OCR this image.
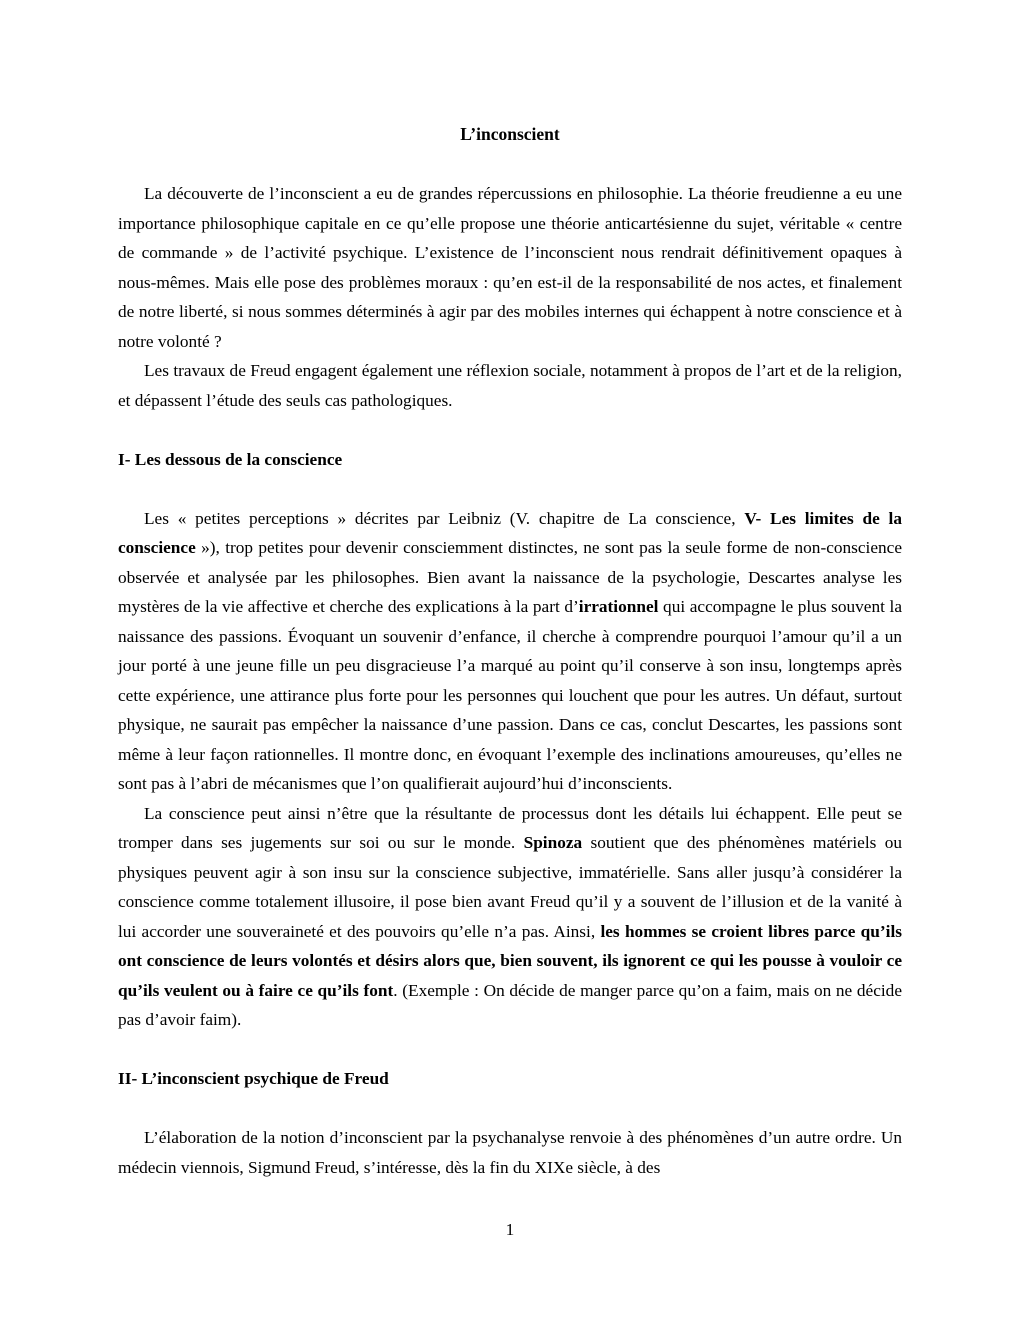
L’inconscient

La découverte de l’inconscient a eu de grandes répercussions en philosophie. La théorie freudienne a eu une importance philosophique capitale en ce qu’elle propose une théorie anticartésienne du sujet, véritable « centre de commande » de l’activité psychique. L’existence de l’inconscient nous rendrait définitivement opaques à nous-mêmes. Mais elle pose des problèmes moraux : qu’en est-il de la responsabilité de nos actes, et finalement de notre liberté, si nous sommes déterminés à agir par des mobiles internes qui échappent à notre conscience et à notre volonté ?

Les travaux de Freud engagent également une réflexion sociale, notamment à propos de l’art et de la religion, et dépassent l’étude des seuls cas pathologiques.

I- Les dessous de la conscience

Les « petites perceptions » décrites par Leibniz (V. chapitre de La conscience, V- Les limites de la conscience »), trop petites pour devenir consciemment distinctes, ne sont pas la seule forme de non-conscience observée et analysée par les philosophes. Bien avant la naissance de la psychologie, Descartes analyse les mystères de la vie affective et cherche des explications à la part d’irrationnel qui accompagne le plus souvent la naissance des passions. Évoquant un souvenir d’enfance, il cherche à comprendre pourquoi l’amour qu’il a un jour porté à une jeune fille un peu disgracieuse l’a marqué au point qu’il conserve à son insu, longtemps après cette expérience, une attirance plus forte pour les personnes qui louchent que pour les autres. Un défaut, surtout physique, ne saurait pas empêcher la naissance d’une passion. Dans ce cas, conclut Descartes, les passions sont même à leur façon rationnelles. Il montre donc, en évoquant l’exemple des inclinations amoureuses, qu’elles ne sont pas à l’abri de mécanismes que l’on qualifierait aujourd’hui d’inconscients.

La conscience peut ainsi n’être que la résultante de processus dont les détails lui échappent. Elle peut se tromper dans ses jugements sur soi ou sur le monde. Spinoza soutient que des phénomènes matériels ou physiques peuvent agir à son insu sur la conscience subjective, immatérielle. Sans aller jusqu’à considérer la conscience comme totalement illusoire, il pose bien avant Freud qu’il y a souvent de l’illusion et de la vanité à lui accorder une souveraineté et des pouvoirs qu’elle n’a pas. Ainsi, les hommes se croient libres parce qu’ils ont conscience de leurs volontés et désirs alors que, bien souvent, ils ignorent ce qui les pousse à vouloir ce qu’ils veulent ou à faire ce qu’ils font. (Exemple : On décide de manger parce qu’on a faim, mais on ne décide pas d’avoir faim).

II- L’inconscient psychique de Freud

L’élaboration de la notion d’inconscient par la psychanalyse renvoie à des phénomènes d’un autre ordre. Un médecin viennois, Sigmund Freud, s’intéresse, dès la fin du XIXe siècle, à des

1
